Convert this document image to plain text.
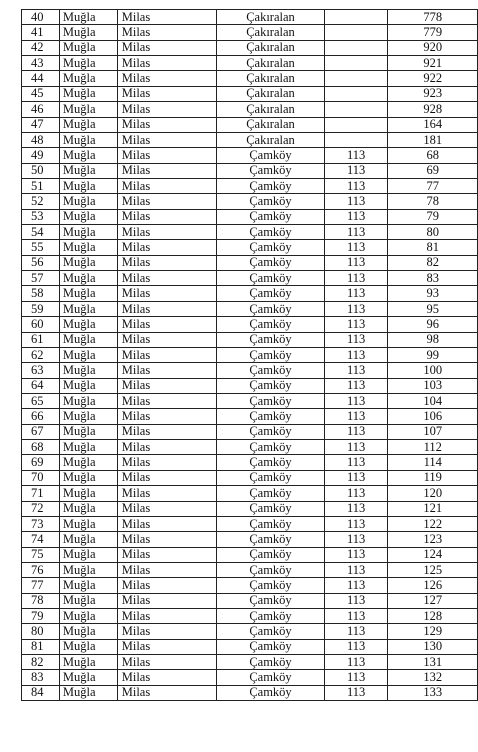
40	Muğla	Milas	Çakıralan		778
41	Muğla	Milas	Çakıralan		779
42	Muğla	Milas	Çakıralan		920
43	Muğla	Milas	Çakıralan		921
44	Muğla	Milas	Çakıralan		922
45	Muğla	Milas	Çakıralan		923
46	Muğla	Milas	Çakıralan		928
47	Muğla	Milas	Çakıralan		164
48	Muğla	Milas	Çakıralan		181
49	Muğla	Milas	Çamköy	113	68
50	Muğla	Milas	Çamköy	113	69
51	Muğla	Milas	Çamköy	113	77
52	Muğla	Milas	Çamköy	113	78
53	Muğla	Milas	Çamköy	113	79
54	Muğla	Milas	Çamköy	113	80
55	Muğla	Milas	Çamköy	113	81
56	Muğla	Milas	Çamköy	113	82
57	Muğla	Milas	Çamköy	113	83
58	Muğla	Milas	Çamköy	113	93
59	Muğla	Milas	Çamköy	113	95
60	Muğla	Milas	Çamköy	113	96
61	Muğla	Milas	Çamköy	113	98
62	Muğla	Milas	Çamköy	113	99
63	Muğla	Milas	Çamköy	113	100
64	Muğla	Milas	Çamköy	113	103
65	Muğla	Milas	Çamköy	113	104
66	Muğla	Milas	Çamköy	113	106
67	Muğla	Milas	Çamköy	113	107
68	Muğla	Milas	Çamköy	113	112
69	Muğla	Milas	Çamköy	113	114
70	Muğla	Milas	Çamköy	113	119
71	Muğla	Milas	Çamköy	113	120
72	Muğla	Milas	Çamköy	113	121
73	Muğla	Milas	Çamköy	113	122
74	Muğla	Milas	Çamköy	113	123
75	Muğla	Milas	Çamköy	113	124
76	Muğla	Milas	Çamköy	113	125
77	Muğla	Milas	Çamköy	113	126
78	Muğla	Milas	Çamköy	113	127
79	Muğla	Milas	Çamköy	113	128
80	Muğla	Milas	Çamköy	113	129
81	Muğla	Milas	Çamköy	113	130
82	Muğla	Milas	Çamköy	113	131
83	Muğla	Milas	Çamköy	113	132
84	Muğla	Milas	Çamköy	113	133
